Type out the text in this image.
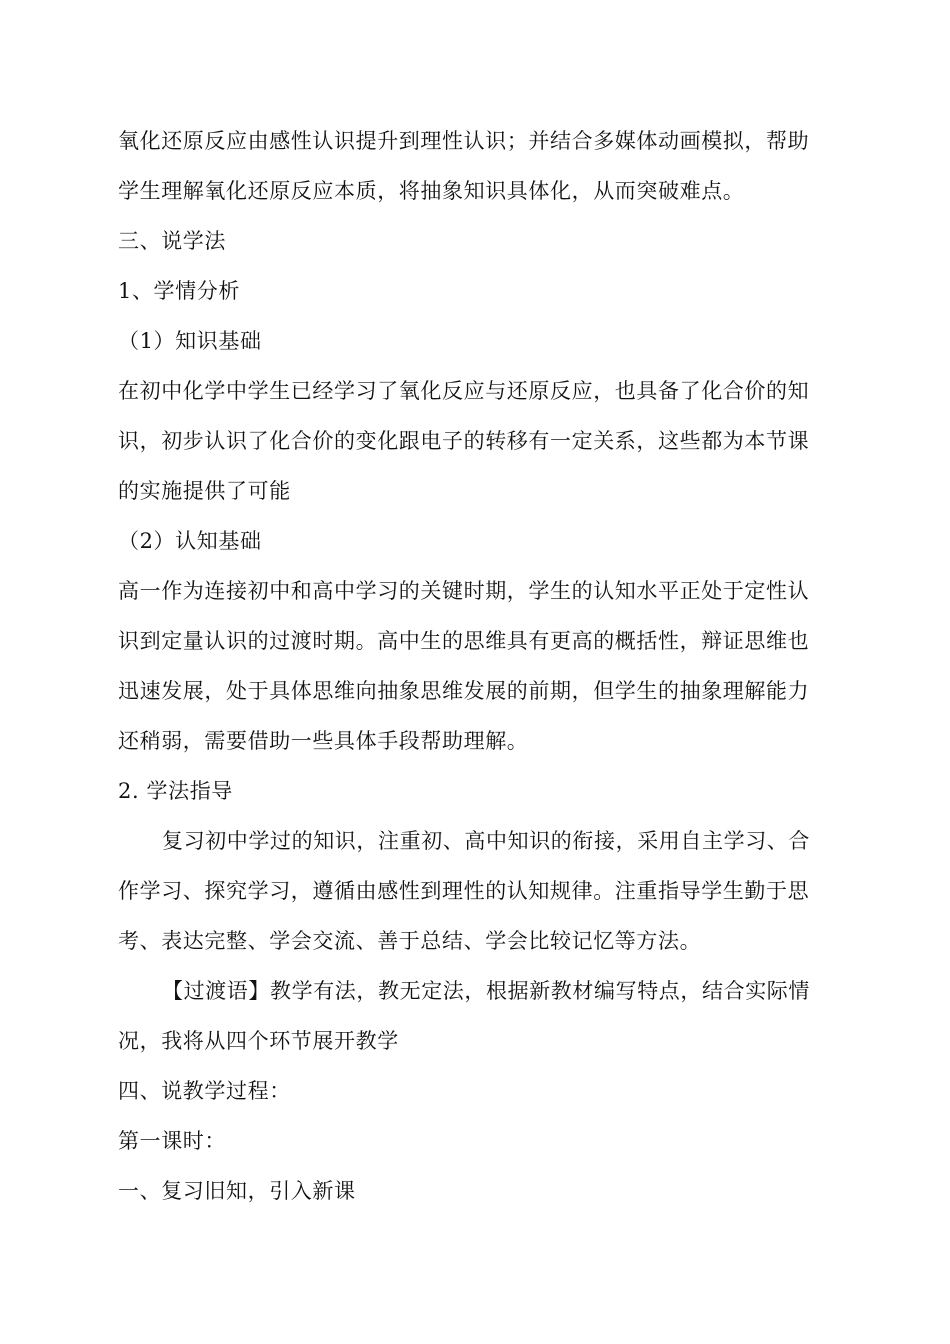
氧化还原反应由感性认识提升到理性认识；并结合多媒体动画模拟，帮助
学生理解氧化还原反应本质，将抽象知识具体化，从而突破难点。
三、说学法
1、学情分析
（1）知识基础
在初中化学中学生已经学习了氧化反应与还原反应，也具备了化合价的知
识，初步认识了化合价的变化跟电子的转移有一定关系，这些都为本节课
的实施提供了可能
（2）认知基础
高一作为连接初中和高中学习的关键时期，学生的认知水平正处于定性认
识到定量认识的过渡时期。高中生的思维具有更高的概括性，辩证思维也
迅速发展，处于具体思维向抽象思维发展的前期，但学生的抽象理解能力
还稍弱，需要借助一些具体手段帮助理解。
2. 学法指导
复习初中学过的知识，注重初、高中知识的衔接，采用自主学习、合
作学习、探究学习，遵循由感性到理性的认知规律。注重指导学生勤于思
考、表达完整、学会交流、善于总结、学会比较记忆等方法。
【过渡语】教学有法，教无定法，根据新教材编写特点，结合实际情
况，我将从四个环节展开教学
四、说教学过程：
第一课时：
一、复习旧知，引入新课
